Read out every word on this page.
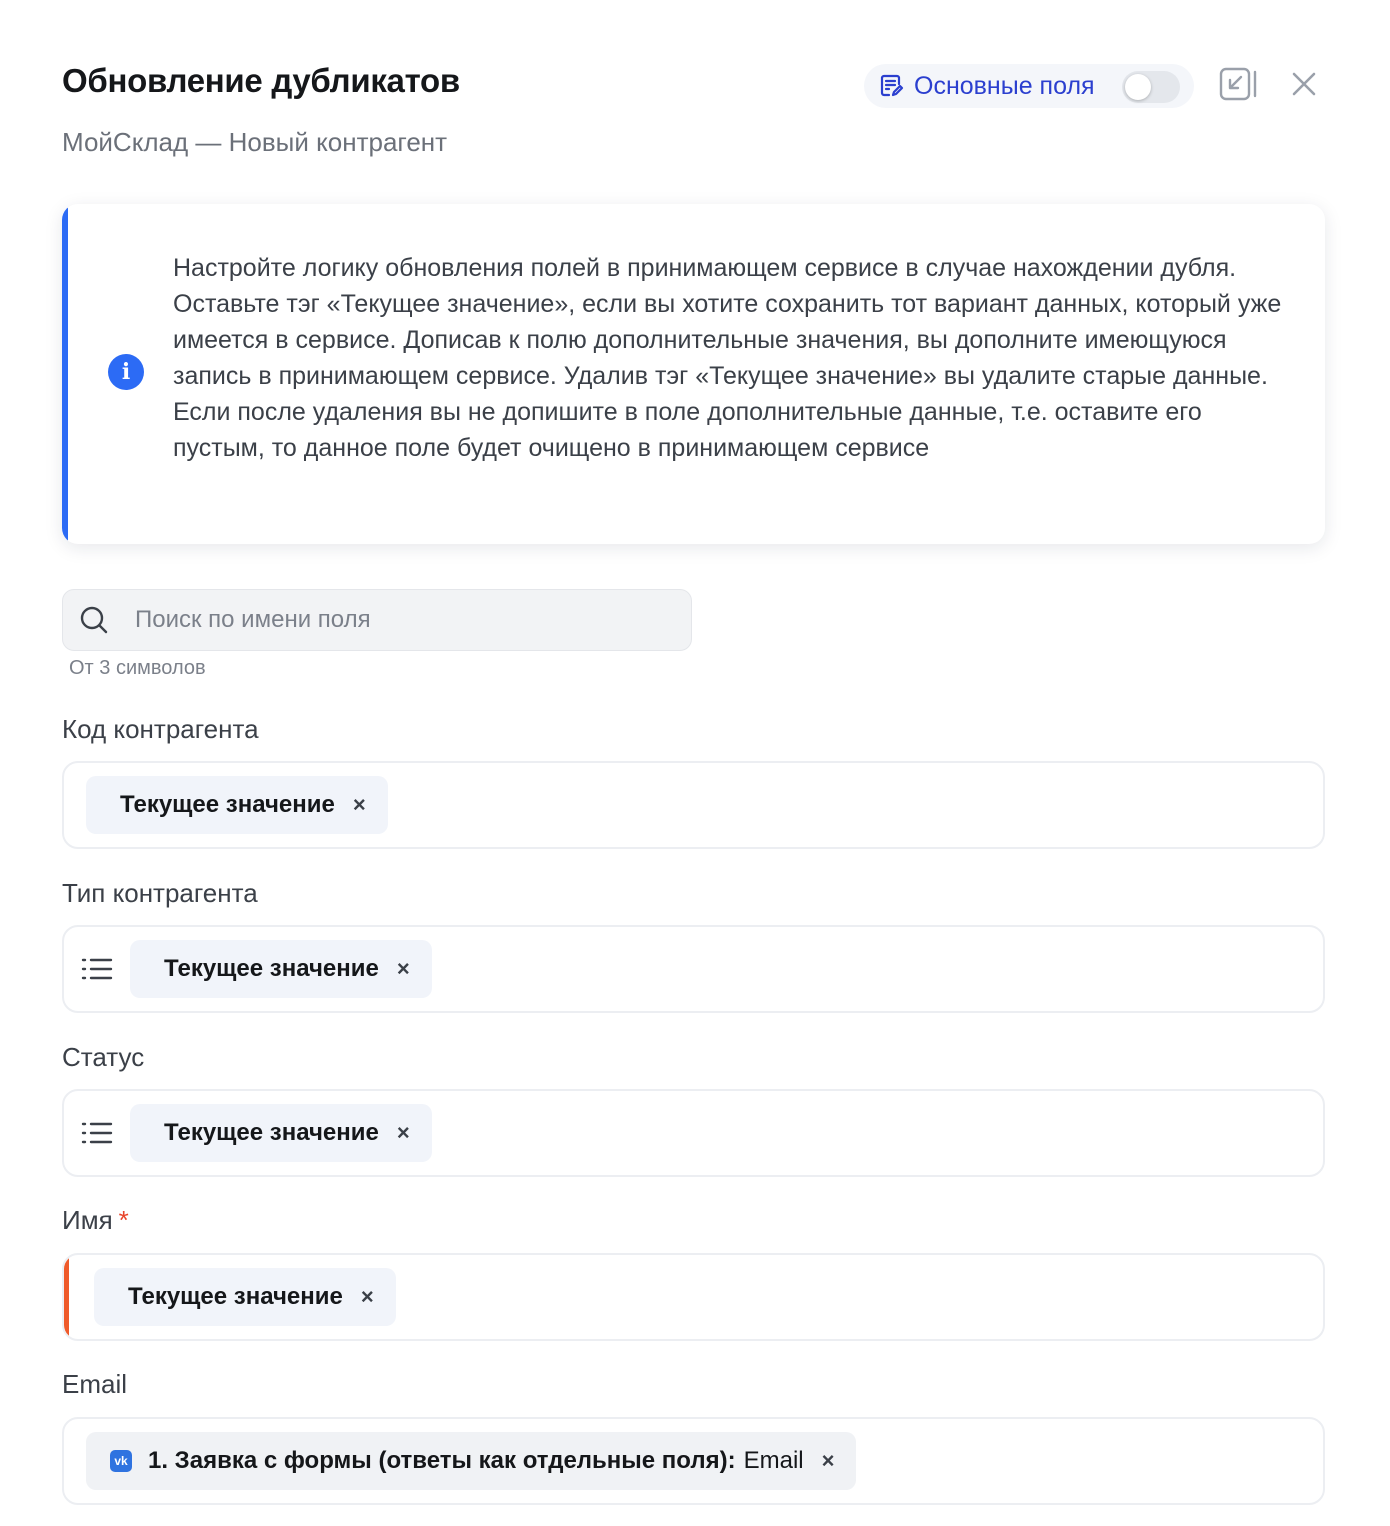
Обновление дубликатов
МойСклад — Новый контрагент
Основные поля
i
Настройте логику обновления полей в принимающем сервисе в случае нахождении дубля. Оставьте тэг «Текущее значение», если вы хотите сохранить тот вариант данных, который уже имеется в сервисе. Дописав к полю дополнительные значения, вы дополните имеющуюся запись в принимающем сервисе. Удалив тэг «Текущее значение» вы удалите старые данные. Если после удаления вы не допишите в поле дополнительные данные, т.е. оставите его пустым, то данное поле будет очищено в принимающем сервисе
Поиск по имени поля
От 3 символов
Код контрагента
Текущее значение ×
Тип контрагента
Текущее значение ×
Статус
Текущее значение ×
Имя *
Текущее значение ×
Email
vk 1. Заявка с формы (ответы как отдельные поля): Email ×
